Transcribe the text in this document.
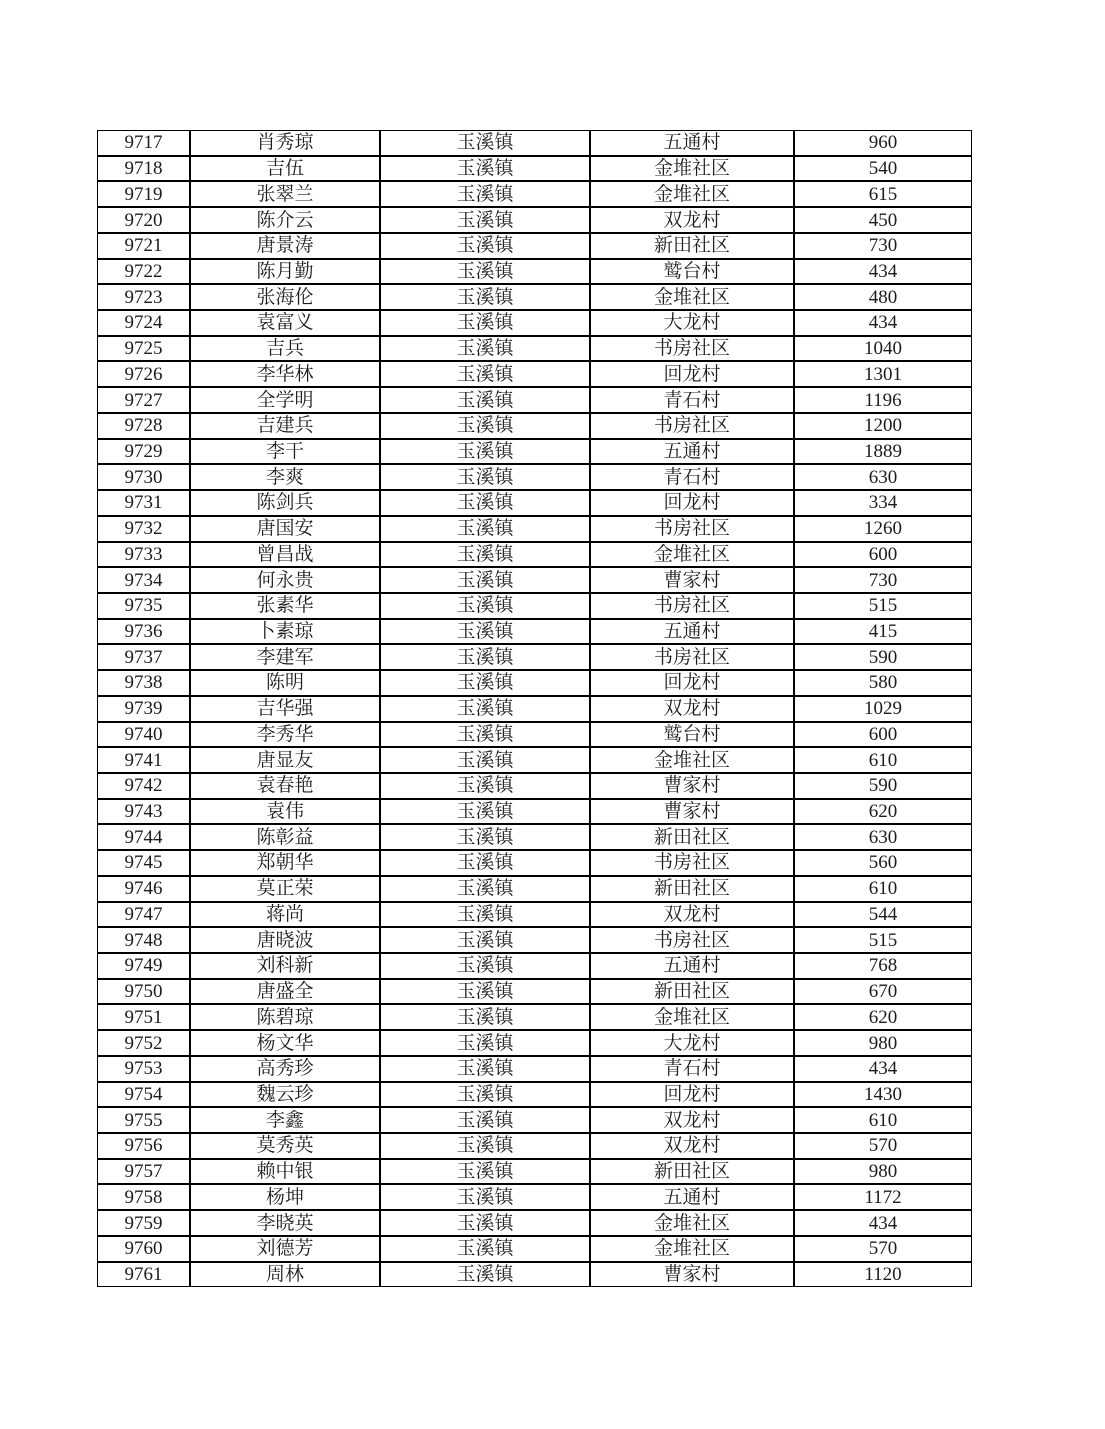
9717	肖秀琼	玉溪镇	五通村	960
9718	吉伍	玉溪镇	金堆社区	540
9719	张翠兰	玉溪镇	金堆社区	615
9720	陈介云	玉溪镇	双龙村	450
9721	唐景涛	玉溪镇	新田社区	730
9722	陈月勤	玉溪镇	鹫台村	434
9723	张海伦	玉溪镇	金堆社区	480
9724	袁富义	玉溪镇	大龙村	434
9725	吉兵	玉溪镇	书房社区	1040
9726	李华林	玉溪镇	回龙村	1301
9727	全学明	玉溪镇	青石村	1196
9728	吉建兵	玉溪镇	书房社区	1200
9729	李干	玉溪镇	五通村	1889
9730	李爽	玉溪镇	青石村	630
9731	陈剑兵	玉溪镇	回龙村	334
9732	唐国安	玉溪镇	书房社区	1260
9733	曾昌战	玉溪镇	金堆社区	600
9734	何永贵	玉溪镇	曹家村	730
9735	张素华	玉溪镇	书房社区	515
9736	卜素琼	玉溪镇	五通村	415
9737	李建军	玉溪镇	书房社区	590
9738	陈明	玉溪镇	回龙村	580
9739	吉华强	玉溪镇	双龙村	1029
9740	李秀华	玉溪镇	鹫台村	600
9741	唐显友	玉溪镇	金堆社区	610
9742	袁春艳	玉溪镇	曹家村	590
9743	袁伟	玉溪镇	曹家村	620
9744	陈彰益	玉溪镇	新田社区	630
9745	郑朝华	玉溪镇	书房社区	560
9746	莫正荣	玉溪镇	新田社区	610
9747	蒋尚	玉溪镇	双龙村	544
9748	唐晓波	玉溪镇	书房社区	515
9749	刘科新	玉溪镇	五通村	768
9750	唐盛全	玉溪镇	新田社区	670
9751	陈碧琼	玉溪镇	金堆社区	620
9752	杨文华	玉溪镇	大龙村	980
9753	高秀珍	玉溪镇	青石村	434
9754	魏云珍	玉溪镇	回龙村	1430
9755	李鑫	玉溪镇	双龙村	610
9756	莫秀英	玉溪镇	双龙村	570
9757	赖中银	玉溪镇	新田社区	980
9758	杨坤	玉溪镇	五通村	1172
9759	李晓英	玉溪镇	金堆社区	434
9760	刘德芳	玉溪镇	金堆社区	570
9761	周林	玉溪镇	曹家村	1120
